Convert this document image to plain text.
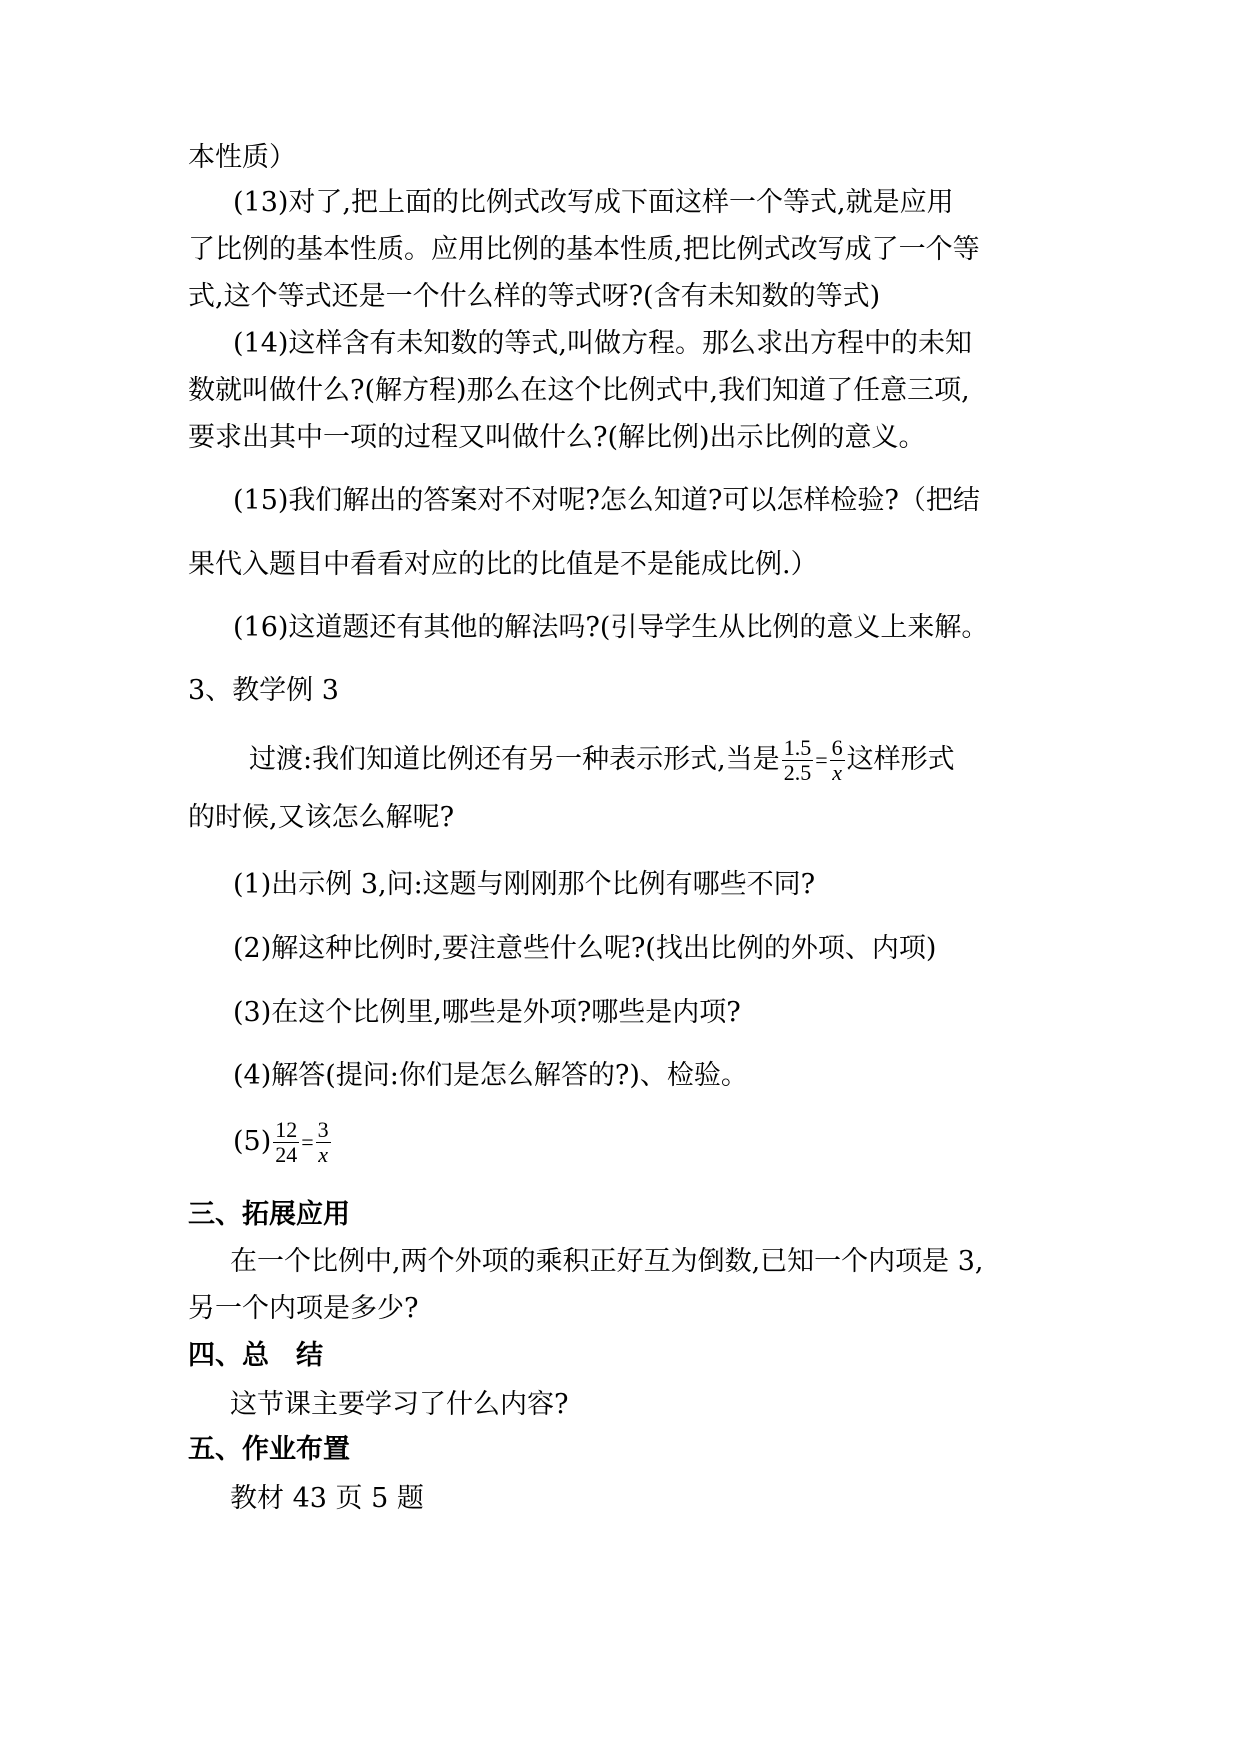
本性质）
(13)对了,把上面的比例式改写成下面这样一个等式,就是应用
了比例的基本性质。应用比例的基本性质,把比例式改写成了一个等
式,这个等式还是一个什么样的等式呀?(含有未知数的等式)
(14)这样含有未知数的等式,叫做方程。那么求出方程中的未知
数就叫做什么?(解方程)那么在这个比例式中,我们知道了任意三项,
要求出其中一项的过程又叫做什么?(解比例)出示比例的意义。
(15)我们解出的答案对不对呢?怎么知道?可以怎样检验?（把结
果代入题目中看看对应的比的比值是不是能成比例.）
(16)这道题还有其他的解法吗?(引导学生从比例的意义上来解。
3、教学例 3
过渡:我们知道比例还有另一种表示形式,当是 $\frac{1.5}{2.5} = \frac{6}{x}$ 这样形式
的时候,又该怎么解呢?
(1)出示例 3,问:这题与刚刚那个比例有哪些不同?
(2)解这种比例时,要注意些什么呢?(找出比例的外项、内项)
(3)在这个比例里,哪些是外项?哪些是内项?
(4)解答(提问:你们是怎么解答的?)、检验。
$(5) \frac{12}{24} = \frac{3}{x}$
三、拓展应用
在一个比例中,两个外项的乘积正好互为倒数,已知一个内项是 3,
另一个内项是多少?
四、总　结
这节课主要学习了什么内容?
五、作业布置
教材 43 页 5 题
